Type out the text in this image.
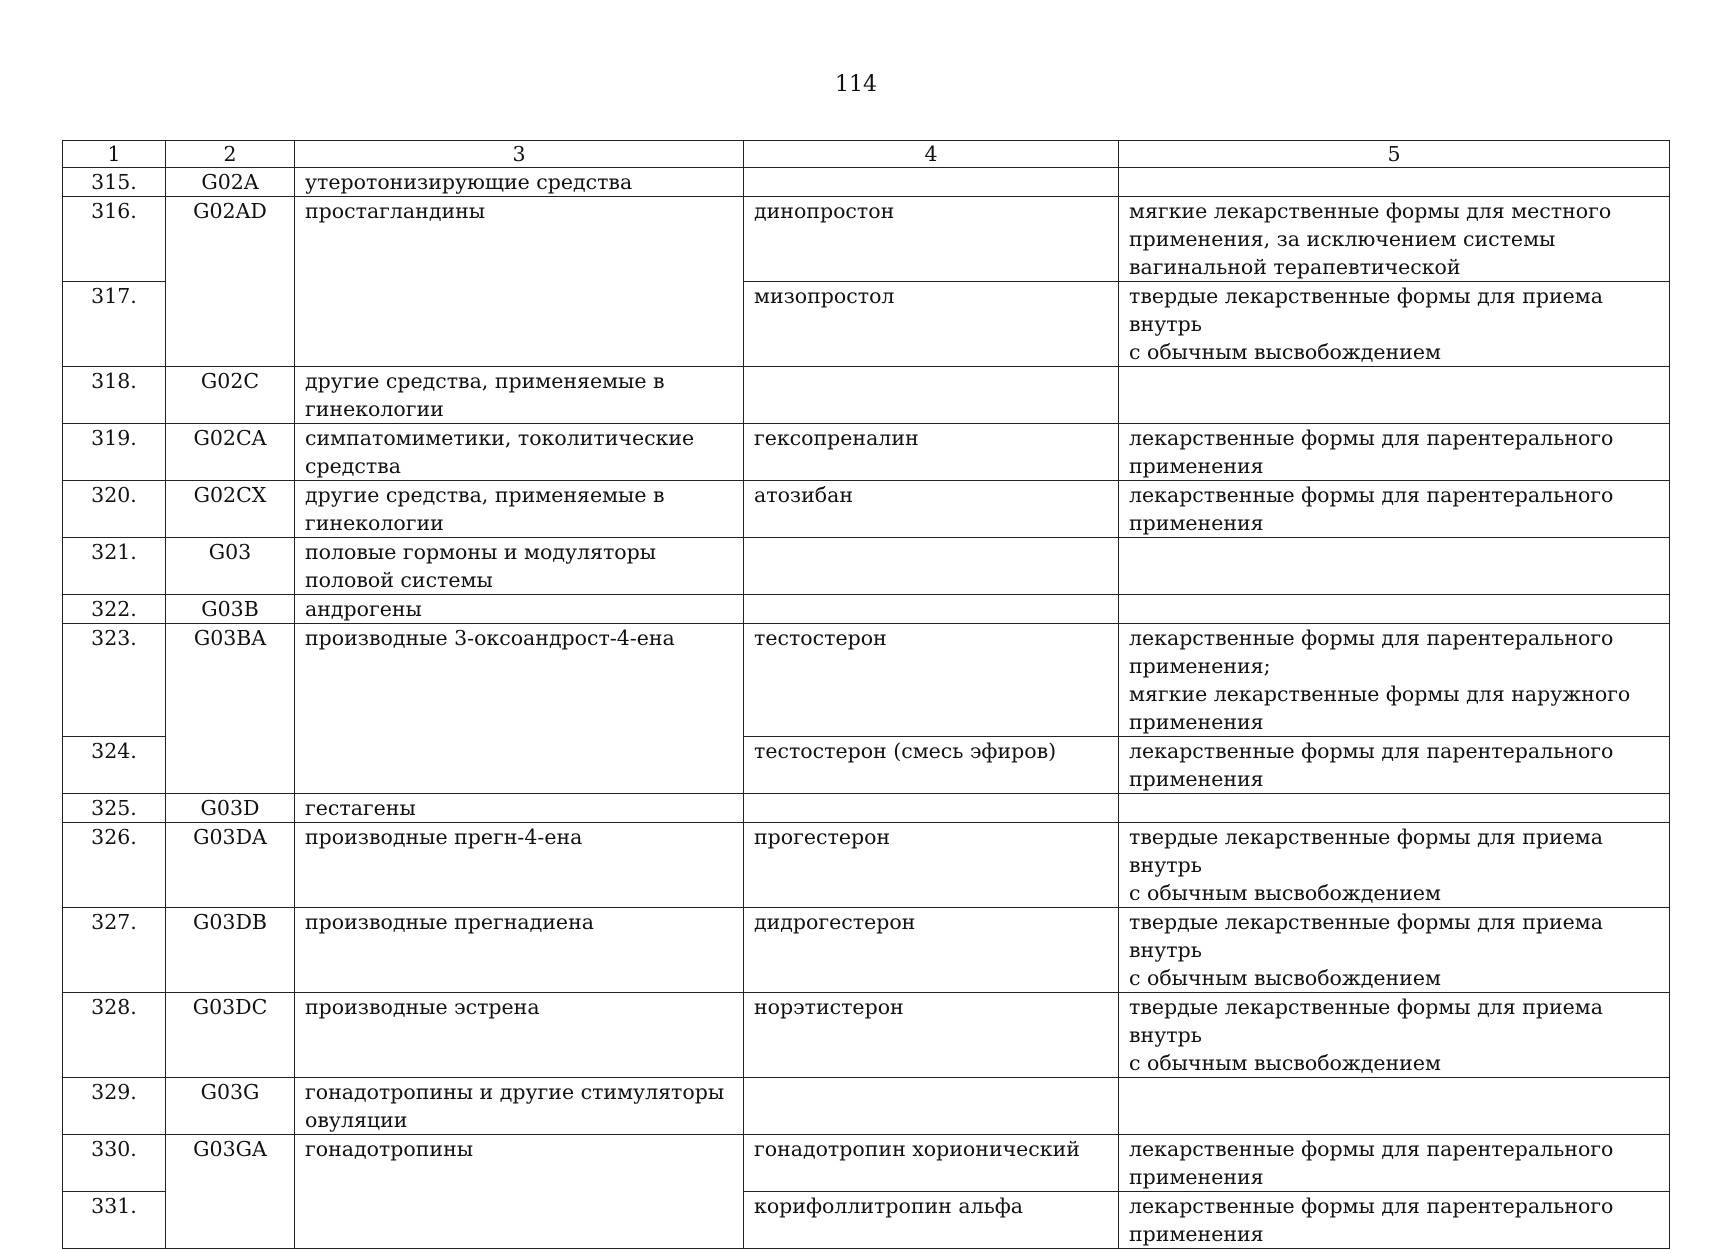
114
1	2	3	4	5
315.	G02A	утеротонизирующие средства		
316.	G02AD	простагландины	динопростон	мягкие лекарственные формы для местного
применения, за исключением системы
вагинальной терапевтической

317.			мизопростол	твердые лекарственные формы для приема внутрь
с обычным высвобождением

318.	G02C	другие средства, применяемые в
гинекологии		

319.	G02CA	симпатомиметики, токолитические
средства	гексопреналин	лекарственные формы для парентерального
применения

320.	G02CX	другие средства, применяемые в
гинекологии	атозибан	лекарственные формы для парентерального
применения

321.	G03	половые гормоны и модуляторы
половой системы		

322.	G03B	андрогены		
323.	G03BA	производные 3-оксоандрост-4-ена	тестостерон	лекарственные формы для парентерального
применения;
мягкие лекарственные формы для наружного
применения

324.			тестостерон (смесь эфиров)	лекарственные формы для парентерального
применения

325.	G03D	гестагены		
326.	G03DA	производные прегн-4-ена	прогестерон	твердые лекарственные формы для приема внутрь
с обычным высвобождением

327.	G03DB	производные прегнадиена	дидрогестерон	твердые лекарственные формы для приема внутрь
с обычным высвобождением

328.	G03DC	производные эстрена	норэтистерон	твердые лекарственные формы для приема внутрь
с обычным высвобождением

329.	G03G	гонадотропины и другие стимуляторы
овуляции		

330.	G03GA	гонадотропины	гонадотропин хорионический	лекарственные формы для парентерального
применения

331.			корифоллитропин альфа	лекарственные формы для парентерального
применения
